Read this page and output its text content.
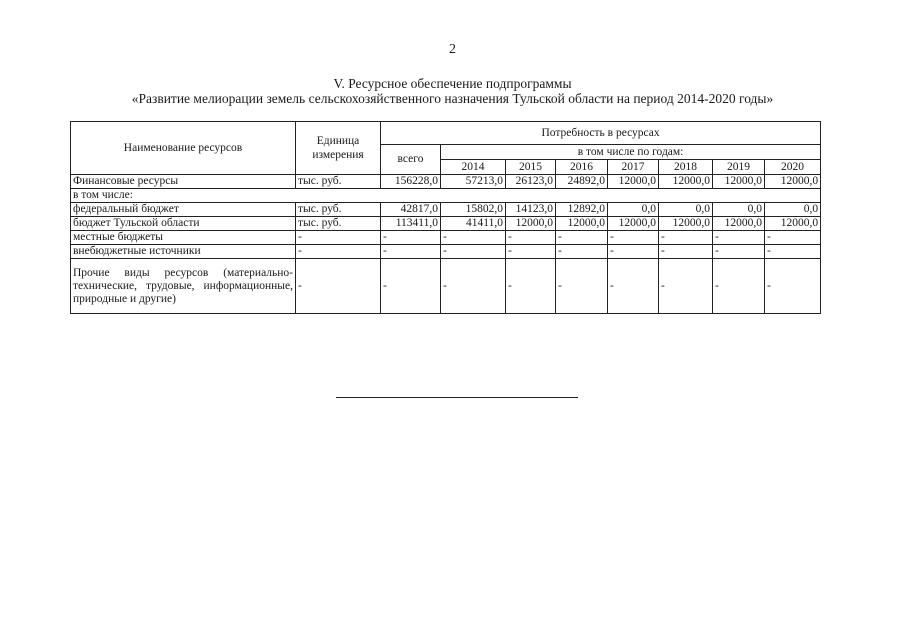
2
V. Ресурсное обеспечение подпрограммы
«Развитие мелиорации земель сельскохозяйственного назначения Тульской области на период 2014-2020 годы»
Наименование ресурсов	Единица измерения	Потребность в ресурсах							
		всего	в том числе по годам:						
			2014	2015	2016	2017	2018	2019	2020
Финансовые ресурсы	тыс. руб.	156228,0	57213,0	26123,0	24892,0	12000,0	12000,0	12000,0	12000,0
в том числе:									
федеральный бюджет	тыс. руб.	42817,0	15802,0	14123,0	12892,0	0,0	0,0	0,0	0,0
бюджет Тульской области	тыс. руб.	113411,0	41411,0	12000,0	12000,0	12000,0	12000,0	12000,0	12000,0
местные бюджеты	-	-	-	-	-	-	-	-	-
внебюджетные источники	-	-	-	-	-	-	-	-	-
Прочие виды ресурсов (материально-технические, трудовые, информационные, природные и другие)	-	-	-	-	-	-	-	-	-
